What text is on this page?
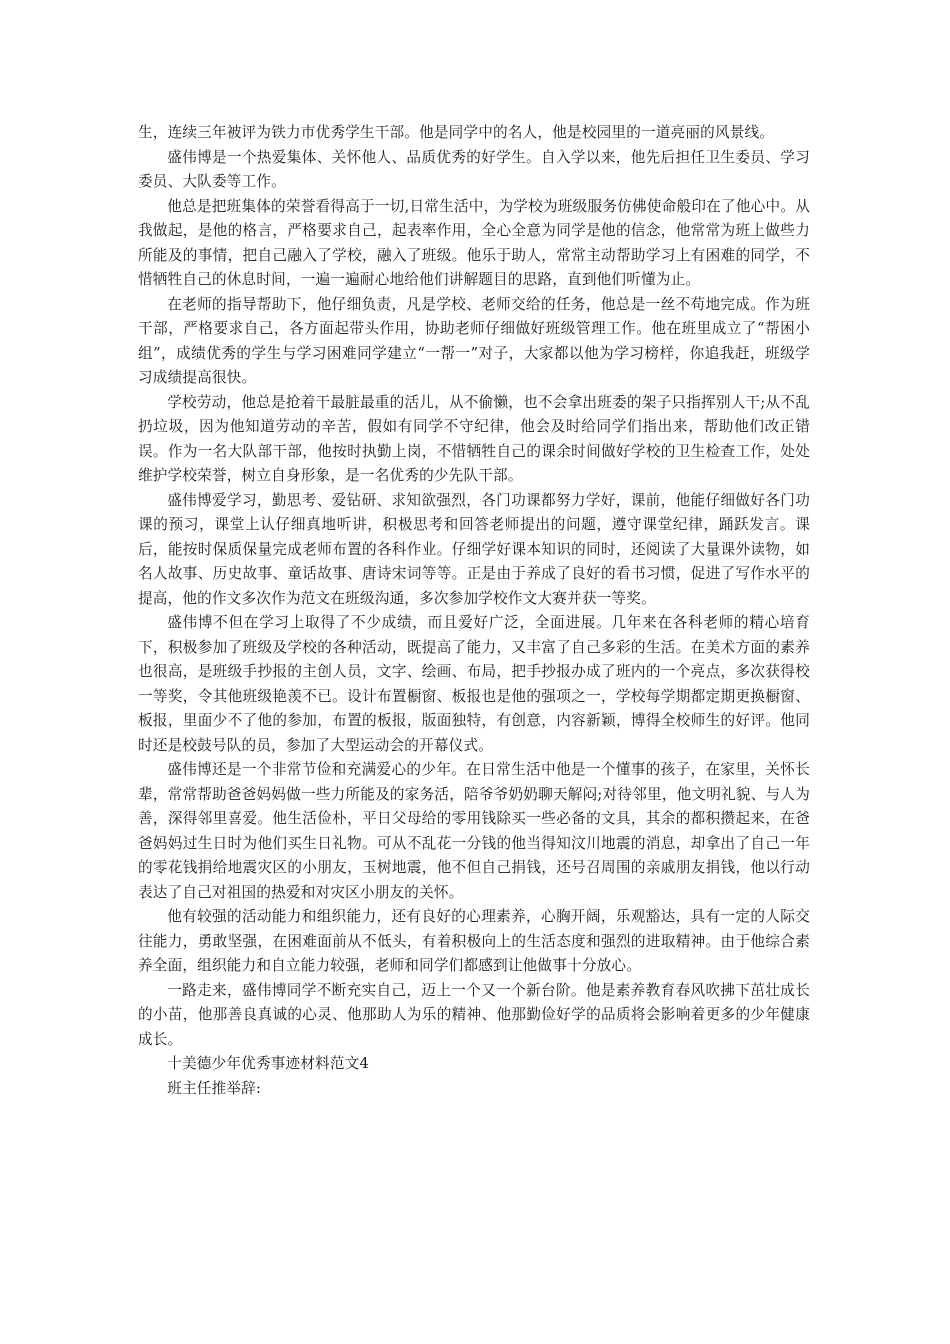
生，连续三年被评为铁力市优秀学生干部。他是同学中的名人，他是校园里的一道亮丽的风景线。

盛伟博是一个热爱集体、关怀他人、品质优秀的好学生。自入学以来，他先后担任卫生委员、学习委员、大队委等工作。

他总是把班集体的荣誉看得高于一切,日常生活中，为学校为班级服务仿佛使命般印在了他心中。从我做起，是他的格言，严格要求自己，起表率作用，全心全意为同学是他的信念，他常常为班上做些力所能及的事情，把自己融入了学校，融入了班级。他乐于助人，常常主动帮助学习上有困难的同学，不惜牺牲自己的休息时间，一遍一遍耐心地给他们讲解题目的思路，直到他们听懂为止。

在老师的指导帮助下，他仔细负责，凡是学校、老师交给的任务，他总是一丝不苟地完成。作为班干部，严格要求自己，各方面起带头作用，协助老师仔细做好班级管理工作。他在班里成立了“帮困小组”，成绩优秀的学生与学习困难同学建立“一帮一”对子，大家都以他为学习榜样，你追我赶，班级学习成绩提高很快。

学校劳动，他总是抢着干最脏最重的活儿，从不偷懒，也不会拿出班委的架子只指挥别人干;从不乱扔垃圾，因为他知道劳动的辛苦，假如有同学不守纪律，他会及时给同学们指出来，帮助他们改正错误。作为一名大队部干部，他按时执勤上岗，不惜牺牲自己的课余时间做好学校的卫生检查工作，处处维护学校荣誉，树立自身形象，是一名优秀的少先队干部。

盛伟博爱学习，勤思考、爱钻研、求知欲强烈，各门功课都努力学好，课前，他能仔细做好各门功课的预习，课堂上认仔细真地听讲，积极思考和回答老师提出的问题，遵守课堂纪律，踊跃发言。课后，能按时保质保量完成老师布置的各科作业。仔细学好课本知识的同时，还阅读了大量课外读物，如名人故事、历史故事、童话故事、唐诗宋词等等。正是由于养成了良好的看书习惯，促进了写作水平的提高，他的作文多次作为范文在班级沟通，多次参加学校作文大赛并获一等奖。

盛伟博不但在学习上取得了不少成绩，而且爱好广泛，全面进展。几年来在各科老师的精心培育下，积极参加了班级及学校的各种活动，既提高了能力，又丰富了自己多彩的生活。在美术方面的素养也很高，是班级手抄报的主创人员，文字、绘画、布局，把手抄报办成了班内的一个亮点，多次获得校一等奖，令其他班级艳羡不已。设计布置橱窗、板报也是他的强项之一，学校每学期都定期更换橱窗、板报，里面少不了他的参加，布置的板报，版面独特，有创意，内容新颖，博得全校师生的好评。他同时还是校鼓号队的员，参加了大型运动会的开幕仪式。

盛伟博还是一个非常节俭和充满爱心的少年。在日常生活中他是一个懂事的孩子，在家里，关怀长辈，常常帮助爸爸妈妈做一些力所能及的家务活，陪爷爷奶奶聊天解闷;对待邻里，他文明礼貌、与人为善，深得邻里喜爱。他生活俭朴，平日父母给的零用钱除买一些必备的文具，其余的都积攒起来，在爸爸妈妈过生日时为他们买生日礼物。可从不乱花一分钱的他当得知汶川地震的消息，却拿出了自己一年的零花钱捐给地震灾区的小朋友，玉树地震，他不但自己捐钱，还号召周围的亲戚朋友捐钱，他以行动表达了自己对祖国的热爱和对灾区小朋友的关怀。

他有较强的活动能力和组织能力，还有良好的心理素养，心胸开阔，乐观豁达，具有一定的人际交往能力，勇敢坚强，在困难面前从不低头，有着积极向上的生活态度和强烈的进取精神。由于他综合素养全面，组织能力和自立能力较强，老师和同学们都感到让他做事十分放心。

一路走来，盛伟博同学不断充实自己，迈上一个又一个新台阶。他是素养教育春风吹拂下茁壮成长的小苗，他那善良真诚的心灵、他那助人为乐的精神、他那勤俭好学的品质将会影响着更多的少年健康成长。

十美德少年优秀事迹材料范文4

班主任推举辞:
